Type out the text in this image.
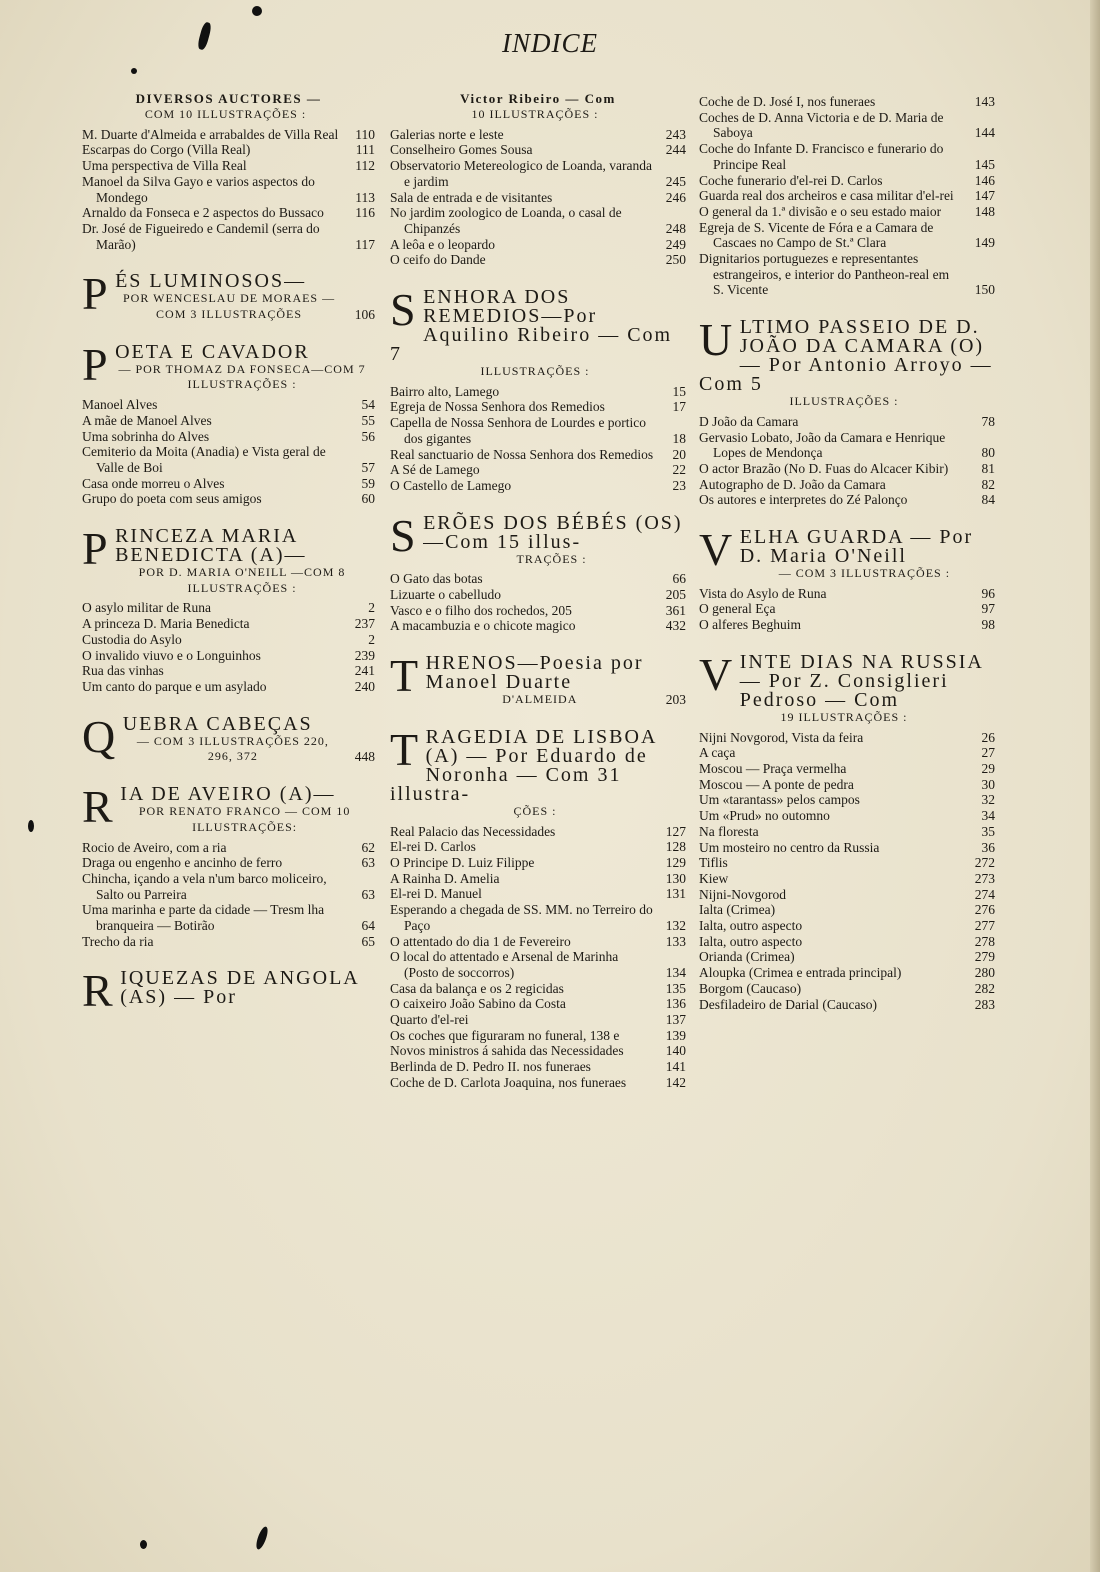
INDICE
DIVERSOS AUCTORES —
COM 10 ILLUSTRAÇÕES :
M. Duarte d'Almeida e arrabaldes de Villa Real	110
Escarpas do Corgo (Villa Real)	111
Uma perspectiva de Villa Real	112
Manoel da Silva Gayo e varios aspectos do Mondego	113
Arnaldo da Fonseca e 2 aspectos do Bussaco	116
Dr. José de Figueiredo e Candemil (serra do Marão)	117
PÉS LUMINOSOS—
POR WENCESLAU DE MORAES — COM 3 ILLUSTRAÇÕES	106
POETA E CAVADOR
— POR THOMAZ DA FONSECA—COM 7 ILLUSTRAÇÕES :
Manoel Alves	54
A mãe de Manoel Alves	55
Uma sobrinha do Alves	56
Cemiterio da Moita (Anadia) e Vista geral de Valle de Boi	57
Casa onde morreu o Alves	59
Grupo do poeta com seus amigos	60
PRINCEZA MARIA BENEDICTA (A)—
POR D. MARIA O'NEILL —COM 8 ILLUSTRAÇÕES :
O asylo militar de Runa	2
A princeza D. Maria Benedicta	237
Custodia do Asylo	2
O invalido viuvo e o Longuinhos	239
Rua das vinhas	241
Um canto do parque e um asylado	240
QUEBRA CABEÇAS
— COM 3 ILLUSTRAÇÕES 220, 296, 372	448
RIA DE AVEIRO (A)—
POR RENATO FRANCO — COM 10 ILLUSTRAÇÕES:
Rocio de Aveiro, com a ria	62
Draga ou engenho e ancinho de ferro	63
Chincha, içando a vela n'um barco moliceiro, Salto ou Parreira	63
Uma marinha e parte da cidade — Tresm lha branqueira — Botirão	64
Trecho da ria	65
RIQUEZAS DE ANGOLA (AS) — Por
Victor Ribeiro — Com
10 ILLUSTRAÇÕES :
Galerias norte e leste	243
Conselheiro Gomes Sousa	244
Observatorio Metereologico de Loanda, varanda e jardim	245
Sala de entrada e de visitantes	246
No jardim zoologico de Loanda, o casal de Chipanzés	248
A leôa e o leopardo	249
O ceifo do Dande	250
SENHORA DOS REMEDIOS—Por Aquilino Ribeiro — Com 7
ILLUSTRAÇÕES :
Bairro alto, Lamego	15
Egreja de Nossa Senhora dos Remedios	17
Capella de Nossa Senhora de Lourdes e portico dos gigantes	18
Real sanctuario de Nossa Senhora dos Remedios	20
A Sé de Lamego	22
O Castello de Lamego	23
SERÕES DOS BÉBÉS (OS)—Com 15 illus-
TRAÇÕES :
O Gato das botas	66
Lizuarte o cabelludo	205
Vasco e o filho dos rochedos, 205	361
A macambuzia e o chicote magico	432
THRENOS—Poesia por Manoel Duarte
D'ALMEIDA	203
TRAGEDIA DE LISBOA (A) — Por Eduardo de Noronha — Com 31 illustra-
ÇÕES :
Real Palacio das Necessidades	127
El-rei D. Carlos	128
O Principe D. Luiz Filippe	129
A Rainha D. Amelia	130
El-rei D. Manuel	131
Esperando a chegada de SS. MM. no Terreiro do Paço	132
O attentado do dia 1 de Fevereiro	133
O local do attentado e Arsenal de Marinha (Posto de soccorros)	134
Casa da balança e os 2 regicidas	135
O caixeiro João Sabino da Costa	136
Quarto d'el-rei	137
Os coches que figuraram no funeral, 138 e	139
Novos ministros á sahida das Necessidades	140
Berlinda de D. Pedro II. nos funeraes	141
Coche de D. Carlota Joaquina, nos funeraes	142
Coche de D. José I, nos funeraes	143
Coches de D. Anna Victoria e de D. Maria de Saboya	144
Coche do Infante D. Francisco e funerario do Principe Real	145
Coche funerario d'el-rei D. Carlos	146
Guarda real dos archeiros e casa militar d'el-rei	147
O general da 1.ª divisão e o seu estado maior	148
Egreja de S. Vicente de Fóra e a Camara de Cascaes no Campo de St.ª Clara	149
Dignitarios portuguezes e representantes estrangeiros, e interior do Pantheon-real em S. Vicente	150
ULTIMO PASSEIO DE D. JOÃO DA CAMARA (O) — Por Antonio Arroyo — Com 5
ILLUSTRAÇÕES :
D João da Camara	78
Gervasio Lobato, João da Camara e Henrique Lopes de Mendonça	80
O actor Brazão (No D. Fuas do Alcacer Kibir)	81
Autographo de D. João da Camara	82
Os autores e interpretes do Zé Palonço	84
VELHA GUARDA — Por D. Maria O'Neill
— COM 3 ILLUSTRAÇÕES :
Vista do Asylo de Runa	96
O general Eça	97
O alferes Beghuim	98
VINTE DIAS NA RUSSIA — Por Z. Consiglieri Pedroso — Com
19 ILLUSTRAÇÕES :
Nijni Novgorod, Vista da feira	26
A caça	27
Moscou — Praça vermelha	29
Moscou — A ponte de pedra	30
Um «tarantass» pelos campos	32
Um «Prud» no outomno	34
Na floresta	35
Um mosteiro no centro da Russia	36
Tiflis	272
Kiew	273
Nijni-Novgorod	274
Ialta (Crimea)	276
Ialta, outro aspecto	277
Ialta, outro aspecto	278
Orianda (Crimea)	279
Aloupka (Crimea e entrada principal)	280
Borgom (Caucaso)	282
Desfiladeiro de Darial (Caucaso)	283
